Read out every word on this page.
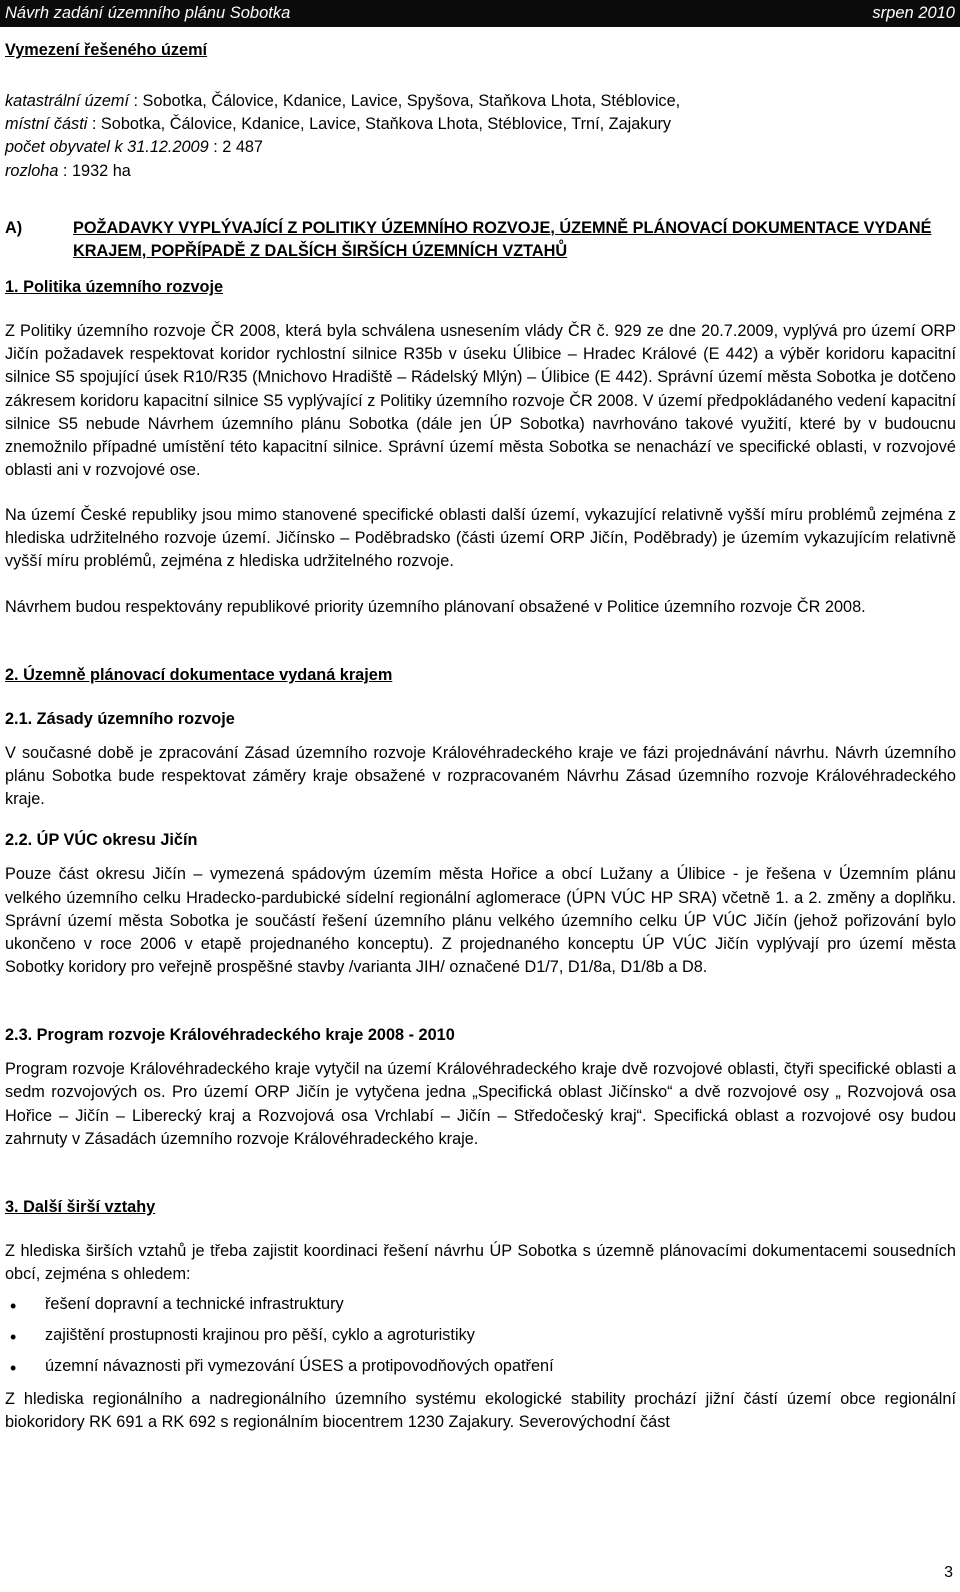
Návrh zadání územního plánu Sobotka	srpen 2010
Vymezení řešeného území
katastrální území : Sobotka, Čálovice, Kdanice, Lavice, Spyšova, Staňkova Lhota, Stéblovice,
místní části : Sobotka, Čálovice, Kdanice, Lavice, Staňkova Lhota, Stéblovice, Trní, Zajakury
počet obyvatel k 31.12.2009 : 2 487
rozloha : 1932 ha
A)	POŽADAVKY VYPLÝVAJÍCÍ Z POLITIKY ÚZEMNÍHO ROZVOJE, ÚZEMNĚ PLÁNOVACÍ DOKUMENTACE VYDANÉ KRAJEM, POPŘÍPADĚ Z DALŠÍCH ŠIRŠÍCH ÚZEMNÍCH VZTAHŮ
1. Politika územního rozvoje

Z Politiky územního rozvoje ČR 2008, která byla schválena usnesením vlády ČR č. 929 ze dne 20.7.2009, vyplývá pro území ORP Jičín požadavek respektovat koridor rychlostní silnice R35b v úseku Úlibice – Hradec Králové (E 442) a výběr koridoru kapacitní silnice S5 spojující úsek R10/R35 (Mnichovo Hradiště – Rádelský Mlýn) – Úlibice (E 442). Správní území města Sobotka je dotčeno zákresem koridoru kapacitní silnice S5 vyplývající z Politiky územního rozvoje ČR 2008. V území předpokládaného vedení kapacitní silnice S5 nebude Návrhem územního plánu Sobotka (dále jen ÚP Sobotka) navrhováno takové využití, které by v budoucnu znemožnilo případné umístění této kapacitní silnice. Správní území města Sobotka se nenachází ve specifické oblasti, v rozvojové oblasti ani v rozvojové ose.

Na území České republiky jsou mimo stanovené specifické oblasti další území, vykazující relativně vyšší míru problémů zejména z hlediska udržitelného rozvoje území. Jičínsko – Poděbradsko (části území ORP Jičín, Poděbrady) je územím vykazujícím relativně vyšší míru problémů, zejména z hlediska udržitelného rozvoje.

Návrhem budou respektovány republikové priority územního plánovaní obsažené v Politice územního rozvoje ČR 2008.

2. Územně plánovací dokumentace vydaná krajem
2.1. Zásady územního rozvoje

V současné době je zpracování Zásad územního rozvoje Královéhradeckého kraje ve fázi projednávání návrhu. Návrh územního plánu Sobotka bude respektovat záměry kraje obsažené v rozpracovaném Návrhu Zásad územního rozvoje Královéhradeckého kraje.

2.2. ÚP VÚC okresu Jičín

Pouze část okresu Jičín – vymezená spádovým územím města Hořice a obcí Lužany a Úlibice - je řešena v Územním plánu velkého územního celku Hradecko-pardubické sídelní regionální aglomerace (ÚPN VÚC HP SRA) včetně 1. a 2. změny a doplňku. Správní území města Sobotka je součástí řešení územního plánu velkého územního celku ÚP VÚC Jičín (jehož pořizování bylo ukončeno v roce 2006 v etapě projednaného konceptu). Z projednaného konceptu ÚP VÚC Jičín vyplývají pro území města Sobotky koridory pro veřejně prospěšné stavby /varianta JIH/ označené D1/7, D1/8a, D1/8b a D8.

2.3. Program rozvoje Královéhradeckého kraje 2008 - 2010

Program rozvoje Královéhradeckého kraje vytyčil na území Královéhradeckého kraje dvě rozvojové oblasti, čtyři specifické oblasti a sedm rozvojových os. Pro území ORP Jičín je vytyčena jedna „Specifická oblast Jičínsko“ a dvě rozvojové osy „ Rozvojová osa Hořice – Jičín – Liberecký kraj a Rozvojová osa Vrchlabí – Jičín – Středočeský kraj“. Specifická oblast a rozvojové osy budou zahrnuty v Zásadách územního rozvoje Královéhradeckého kraje.

3. Další širší vztahy

Z hlediska širších vztahů je třeba zajistit koordinaci řešení návrhu ÚP Sobotka s územně plánovacími dokumentacemi sousedních obcí, zejména s ohledem:

• řešení dopravní a technické infrastruktury
• zajištění prostupnosti krajinou pro pěší, cyklo a agroturistiky
• územní návaznosti při vymezování ÚSES a protipovodňových opatření

Z hlediska regionálního a nadregionálního územního systému ekologické stability prochází jižní částí území obce regionální biokoridory RK 691 a RK 692 s regionálním biocentrem 1230 Zajakury. Severovýchodní část

3
